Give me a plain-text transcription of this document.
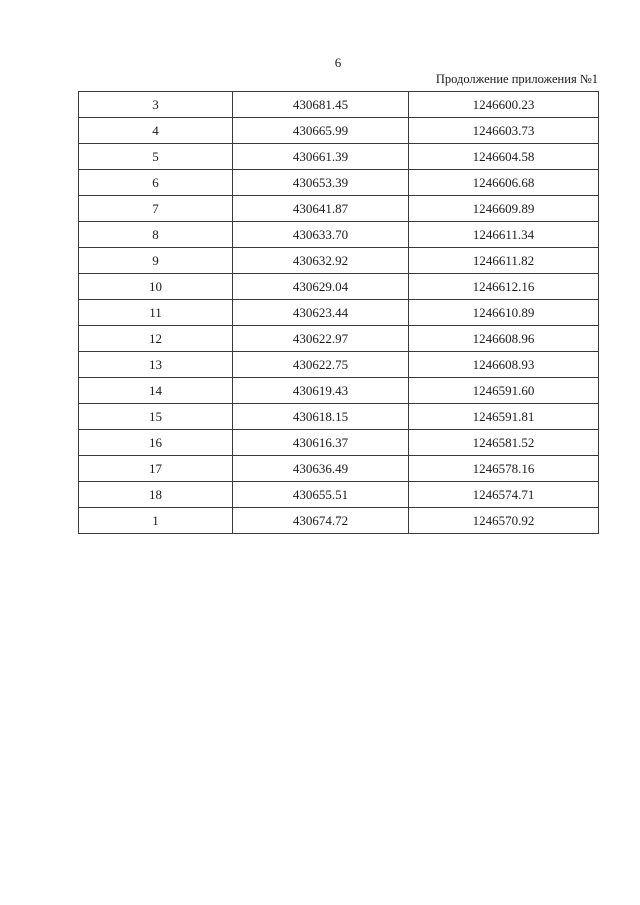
6
Продолжение приложения №1
3	430681.45	1246600.23
4	430665.99	1246603.73
5	430661.39	1246604.58
6	430653.39	1246606.68
7	430641.87	1246609.89
8	430633.70	1246611.34
9	430632.92	1246611.82
10	430629.04	1246612.16
11	430623.44	1246610.89
12	430622.97	1246608.96
13	430622.75	1246608.93
14	430619.43	1246591.60
15	430618.15	1246591.81
16	430616.37	1246581.52
17	430636.49	1246578.16
18	430655.51	1246574.71
1	430674.72	1246570.92
